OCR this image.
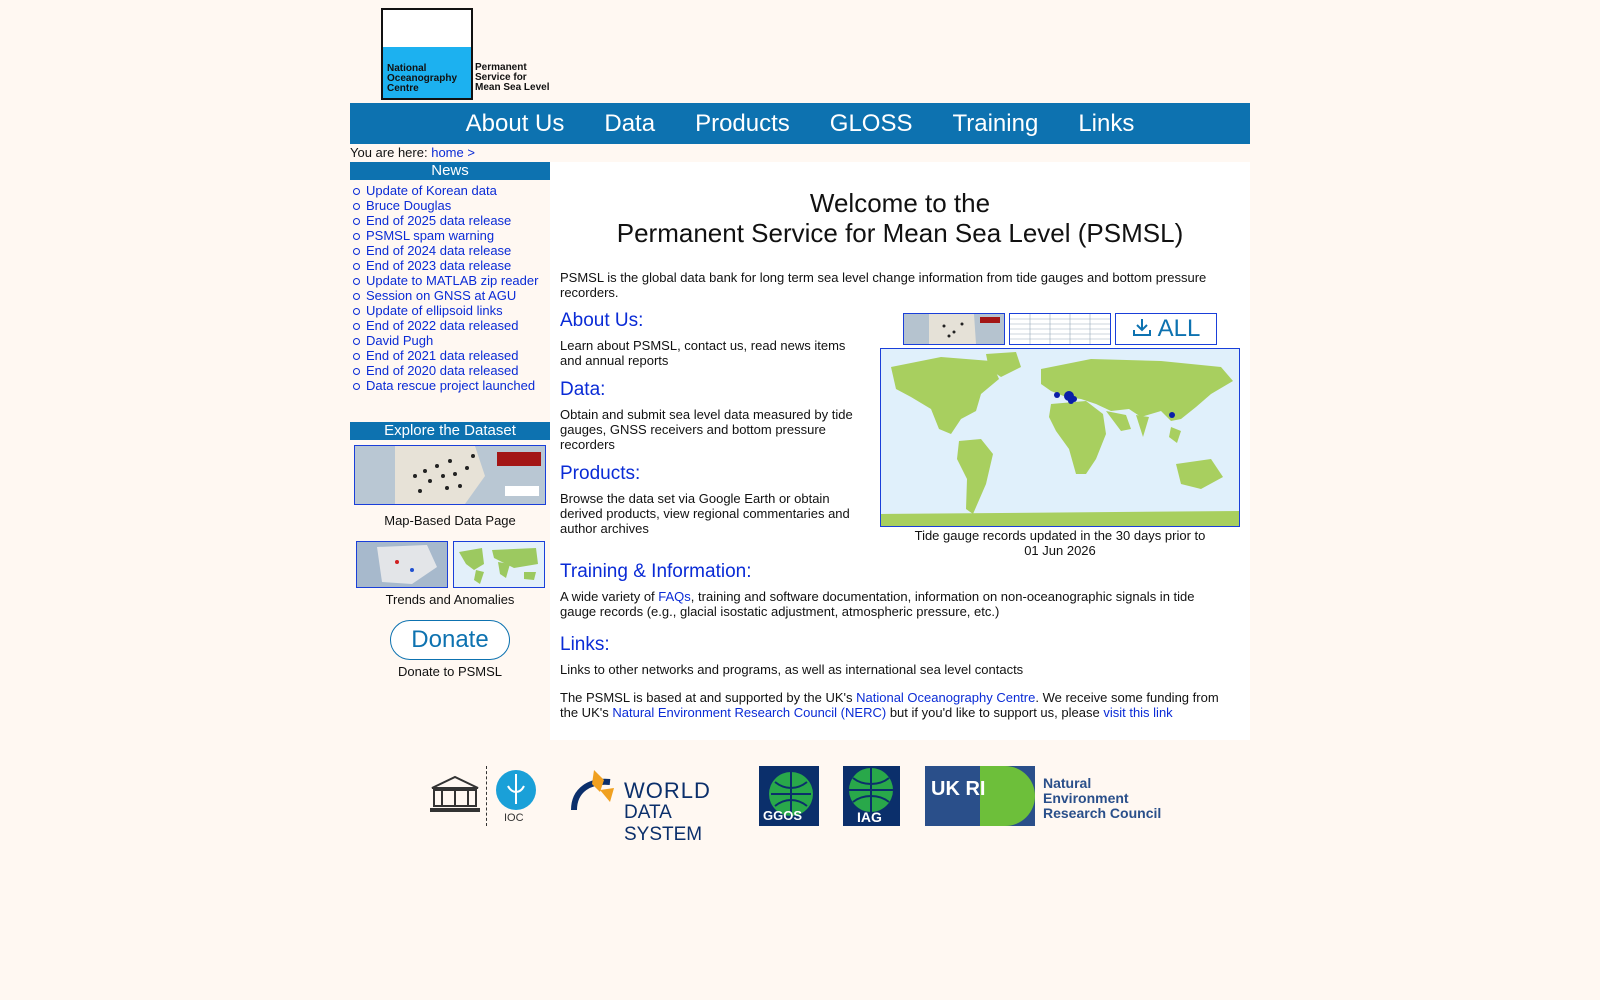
National
Oceanography
Centre
Permanent
Service for
Mean Sea Level
About Us Data Products GLOSS Training Links
You are here: home >
News
Update of Korean data
Bruce Douglas
End of 2025 data release
PSMSL spam warning
End of 2024 data release
End of 2023 data release
Update to MATLAB zip reader
Session on GNSS at AGU
Update of ellipsoid links
End of 2022 data released
David Pugh
End of 2021 data released
End of 2020 data released
Data rescue project launched
Explore the Dataset
Map-Based Data Page
Trends and Anomalies
Donate
Donate to PSMSL
Welcome to the
Permanent Service for Mean Sea Level (PSMSL)
PSMSL is the global data bank for long term sea level change information from tide gauges and bottom pressure recorders.
About Us:
Learn about PSMSL, contact us, read news items and annual reports
Data:
Obtain and submit sea level data measured by tide gauges, GNSS receivers and bottom pressure recorders
Products:
Browse the data set via Google Earth or obtain derived products, view regional commentaries and author archives
ALL
Tide gauge records updated in the 30 days prior to
01 Jun 2026
Training & Information:
A wide variety of FAQs, training and software documentation, information on non-oceanographic signals in tide gauge records (e.g., glacial isostatic adjustment, atmospheric pressure, etc.)
Links:
Links to other networks and programs, as well as international sea level contacts
The PSMSL is based at and supported by the UK's National Oceanography Centre. We receive some funding from the UK's Natural Environment Research Council (NERC) but if you'd like to support us, please visit this link
IOC
WORLD
DATA SYSTEM
GGOS	IAG
UK RI	Natural
Environment
Research Council
